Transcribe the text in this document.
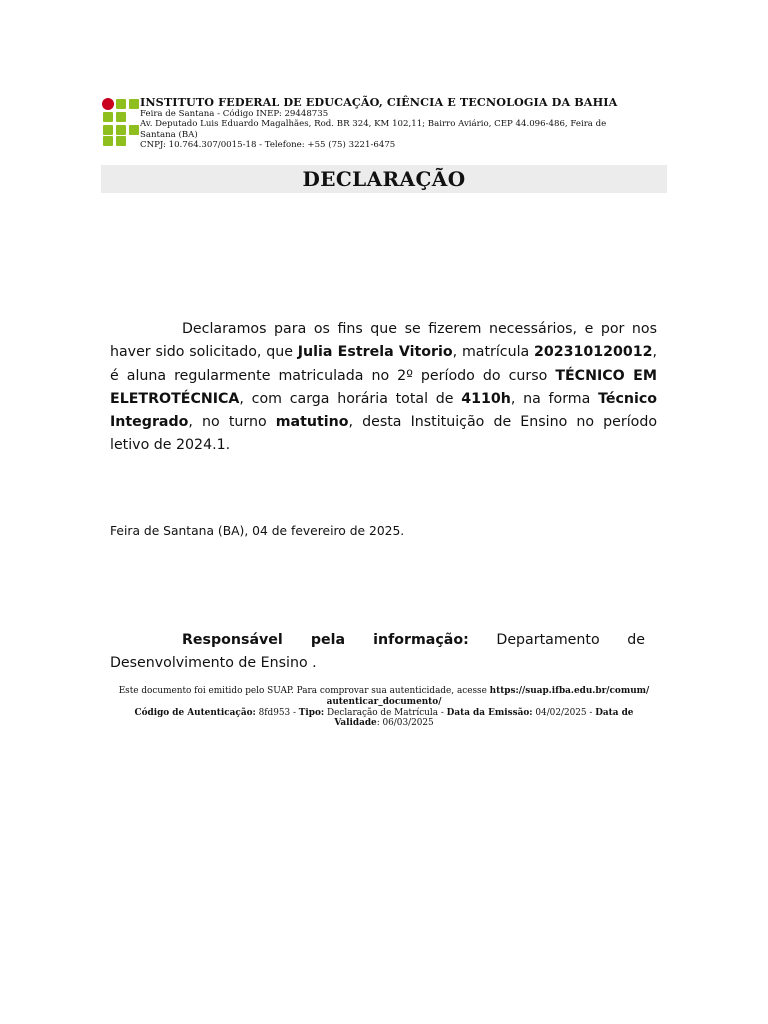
INSTITUTO FEDERAL DE EDUCAÇÃO, CIÊNCIA E TECNOLOGIA DA BAHIA
Feira de Santana - Código INEP: 29448735
Av. Deputado Luis Eduardo Magalhães, Rod. BR 324, KM 102,11; Bairro Aviário, CEP 44.096-486, Feira de
Santana (BA)
CNPJ: 10.764.307/0015-18 - Telefone: +55 (75) 3221-6475
DECLARAÇÃO

Declaramos para os fins que se fizerem necessários, e por nos haver sido solicitado, que Julia Estrela Vitorio, matrícula 202310120012, é aluna regularmente matriculada no 2º período do curso TÉCNICO EM ELETROTÉCNICA, com carga horária total de 4110h, na forma Técnico Integrado, no turno matutino, desta Instituição de Ensino no período letivo de 2024.1.

Feira de Santana (BA), 04 de fevereiro de 2025.

Responsável pela informação: Departamento de Desenvolvimento de Ensino .

Este documento foi emitido pelo SUAP. Para comprovar sua autenticidade, acesse https://suap.ifba.edu.br/comum/
autenticar_documento/
Código de Autenticação: 8fd953 - Tipo: Declaração de Matrícula - Data da Emissão: 04/02/2025 - Data de
Validade: 06/03/2025
